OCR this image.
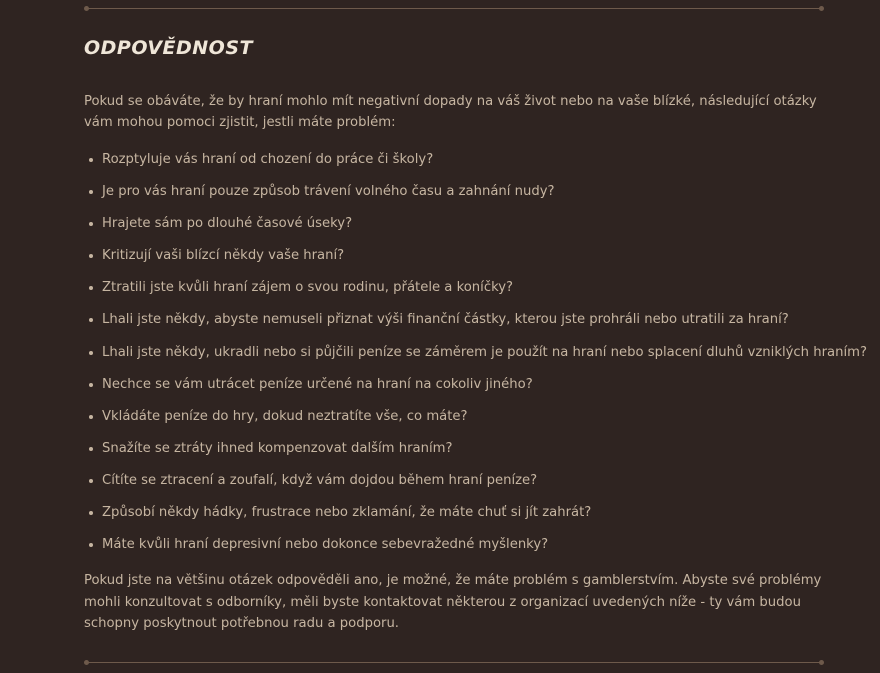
ODPOVĚDNOST

Pokud se obáváte, že by hraní mohlo mít negativní dopady na váš život nebo na vaše blízké, následující otázky vám mohou pomoci zjistit, jestli máte problém:

Rozptyluje vás hraní od chození do práce či školy?
Je pro vás hraní pouze způsob trávení volného času a zahnání nudy?
Hrajete sám po dlouhé časové úseky?
Kritizují vaši blízcí někdy vaše hraní?
Ztratili jste kvůli hraní zájem o svou rodinu, přátele a koníčky?
Lhali jste někdy, abyste nemuseli přiznat výši finanční částky, kterou jste prohráli nebo utratili za hraní?
Lhali jste někdy, ukradli nebo si půjčili peníze se záměrem je použít na hraní nebo splacení dluhů vzniklých hraním?
Nechce se vám utrácet peníze určené na hraní na cokoliv jiného?
Vkládáte peníze do hry, dokud neztratíte vše, co máte?
Snažíte se ztráty ihned kompenzovat dalším hraním?
Cítíte se ztracení a zoufalí, když vám dojdou během hraní peníze?
Způsobí někdy hádky, frustrace nebo zklamání, že máte chuť si jít zahrát?
Máte kvůli hraní depresivní nebo dokonce sebevražedné myšlenky?

Pokud jste na většinu otázek odpověděli ano, je možné, že máte problém s gamblerstvím. Abyste své problémy mohli konzultovat s odborníky, měli byste kontaktovat některou z organizací uvedených níže - ty vám budou schopny poskytnout potřebnou radu a podporu.
